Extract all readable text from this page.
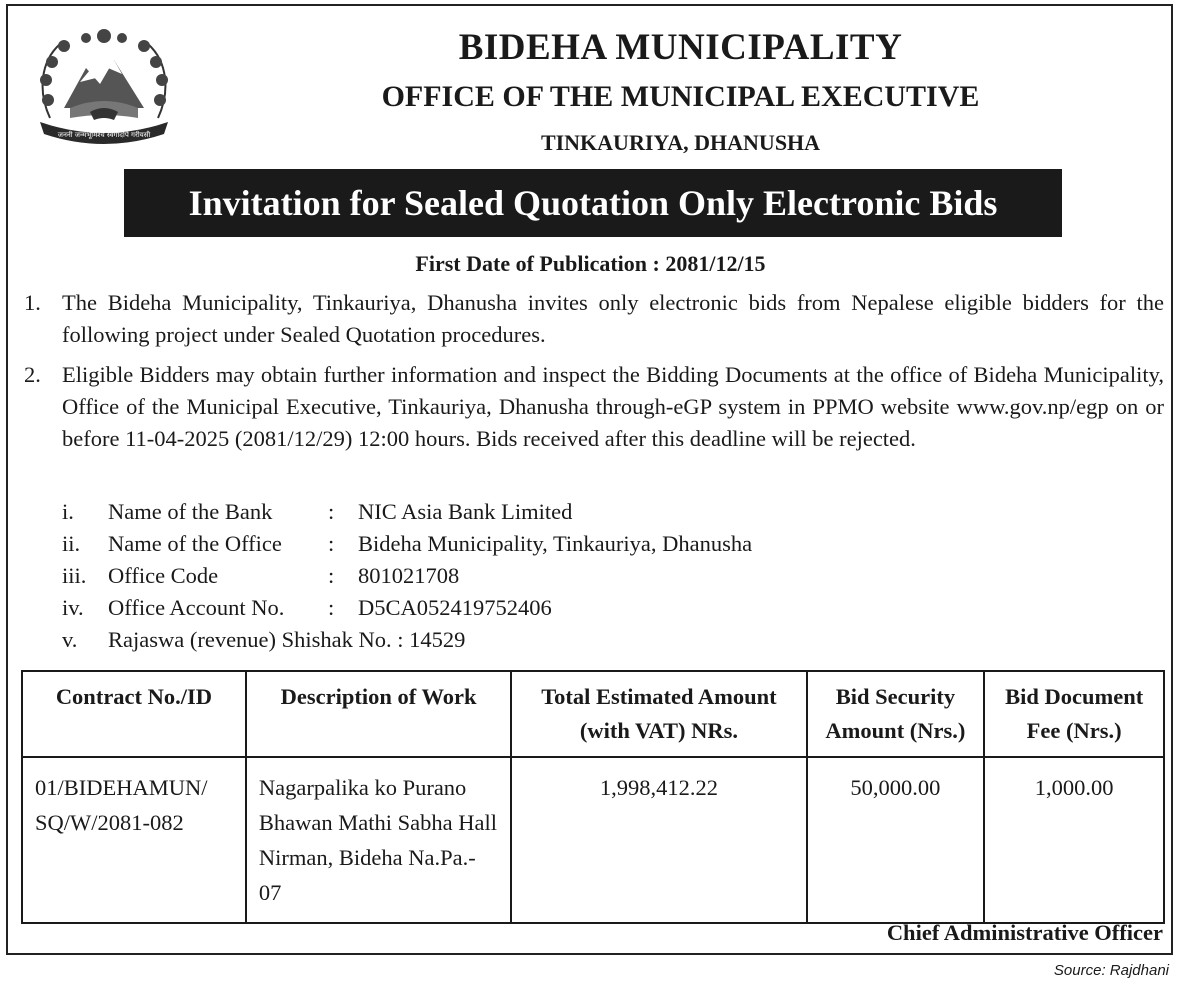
जननी जन्मभूमिश्च स्वर्गादपि गरीयसी
BIDEHA MUNICIPALITY
OFFICE OF THE MUNICIPAL EXECUTIVE
TINKAURIYA, DHANUSHA
Invitation for Sealed Quotation Only Electronic Bids
First Date of Publication : 2081/12/15
1. The Bideha Municipality, Tinkauriya, Dhanusha invites only electronic bids from Nepalese eligible bidders for the following project under Sealed Quotation procedures.
2. Eligible Bidders may obtain further information and inspect the Bidding Documents at the office of Bideha Municipality, Office of the Municipal Executive, Tinkauriya, Dhanusha through-eGP system in PPMO website www.gov.np/egp on or before 11-04-2025 (2081/12/29) 12:00 hours. Bids received after this deadline will be rejected.
i. Name of the Bank : NIC Asia Bank Limited
ii. Name of the Office : Bideha Municipality, Tinkauriya, Dhanusha
iii. Office Code	: 801021708
iv. Office Account No. : D5CA052419752406
v. Rajaswa (revenue) Shishak No. : 14529
Contract No./ID	Description of Work	Total Estimated Amount (with VAT) NRs.	Bid Security Amount (Nrs.)	Bid Document Fee (Nrs.)
01/BIDEHAMUN/ SQ/W/2081-082	Nagarpalika ko Purano Bhawan Mathi Sabha Hall Nirman, Bideha Na.Pa.- 07	1,998,412.22	50,000.00	1,000.00
Chief Administrative Officer
Source: Rajdhani
